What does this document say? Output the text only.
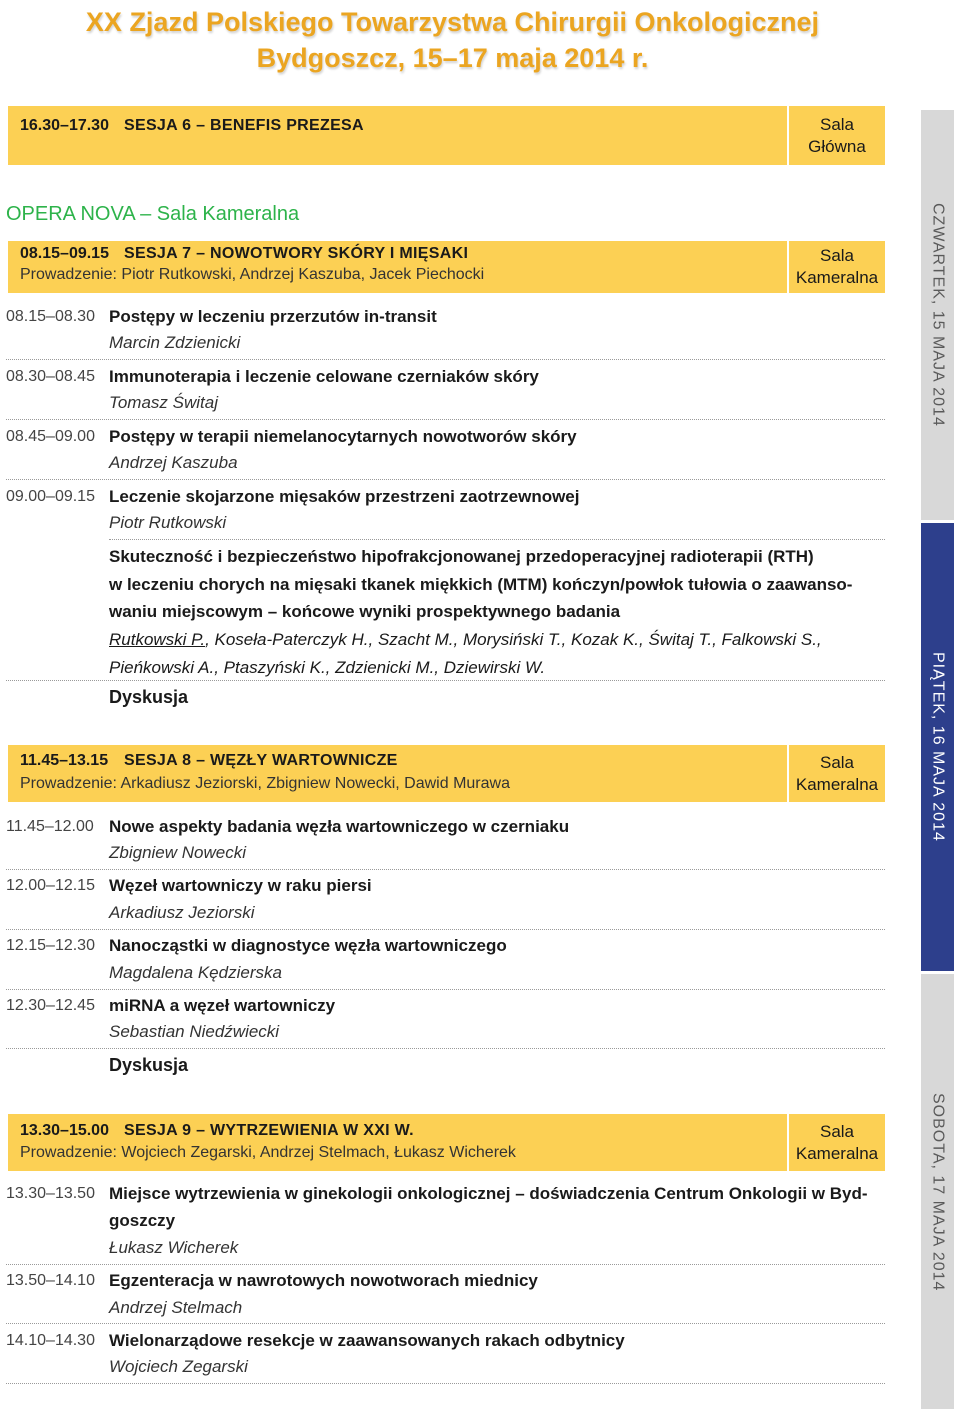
XX Zjazd Polskiego Towarzystwa Chirurgii Onkologicznej
Bydgoszcz, 15–17 maja 2014 r.
CZWARTEK, 15 MAJA 2014
PIĄTEK, 16 MAJA 2014
SOBOTA, 17 MAJA 2014
16.30–17.30 SESJA 6 – BENEFIS PREZESA	Sala
Główna
OPERA NOVA – Sala Kameralna
08.15–09.15 SESJA 7 – NOWOTWORY SKÓRY I MIĘSAKI
Prowadzenie: Piotr Rutkowski, Andrzej Kaszuba, Jacek Piechocki
Sala
Kameralna
08.15–08.30 Postępy w leczeniu przerzutów in-transit
Marcin Zdzienicki
08.30–08.45 Immunoterapia i leczenie celowane czerniaków skóry
Tomasz Świtaj
08.45–09.00 Postępy w terapii niemelanocytarnych nowotworów skóry
Andrzej Kaszuba
09.00–09.15 Leczenie skojarzone mięsaków przestrzeni zaotrzewnowej
Piotr Rutkowski
Skuteczność i bezpieczeństwo hipofrakcjonowanej przedoperacyjnej radioterapii (RTH)
w leczeniu chorych na mięsaki tkanek miękkich (MTM) kończyn/powłok tułowia o zaawanso-
waniu miejscowym – końcowe wyniki prospektywnego badania
Rutkowski P., Koseła-Paterczyk H., Szacht M., Morysiński T., Kozak K., Świtaj T., Falkowski S.,
Pieńkowski A., Ptaszyński K., Zdzienicki M., Dziewirski W.
Dyskusja
11.45–13.15 SESJA 8 – WĘZŁY WARTOWNICZE
Prowadzenie: Arkadiusz Jeziorski, Zbigniew Nowecki, Dawid Murawa
Sala
Kameralna
11.45–12.00 Nowe aspekty badania węzła wartowniczego w czerniaku
Zbigniew Nowecki
12.00–12.15 Węzeł wartowniczy w raku piersi
Arkadiusz Jeziorski
12.15–12.30 Nanocząstki w diagnostyce węzła wartowniczego
Magdalena Kędzierska
12.30–12.45 miRNA a węzeł wartowniczy
Sebastian Niedźwiecki
Dyskusja
13.30–15.00 SESJA 9 – WYTRZEWIENIA W XXI W.
Prowadzenie: Wojciech Zegarski, Andrzej Stelmach, Łukasz Wicherek
Sala
Kameralna
13.30–13.50 Miejsce wytrzewienia w ginekologii onkologicznej – doświadczenia Centrum Onkologii w Byd-
goszczy
Łukasz Wicherek
13.50–14.10 Egzenteracja w nawrotowych nowotworach miednicy
Andrzej Stelmach
14.10–14.30 Wielonarządowe resekcje w zaawansowanych rakach odbytnicy
Wojciech Zegarski
